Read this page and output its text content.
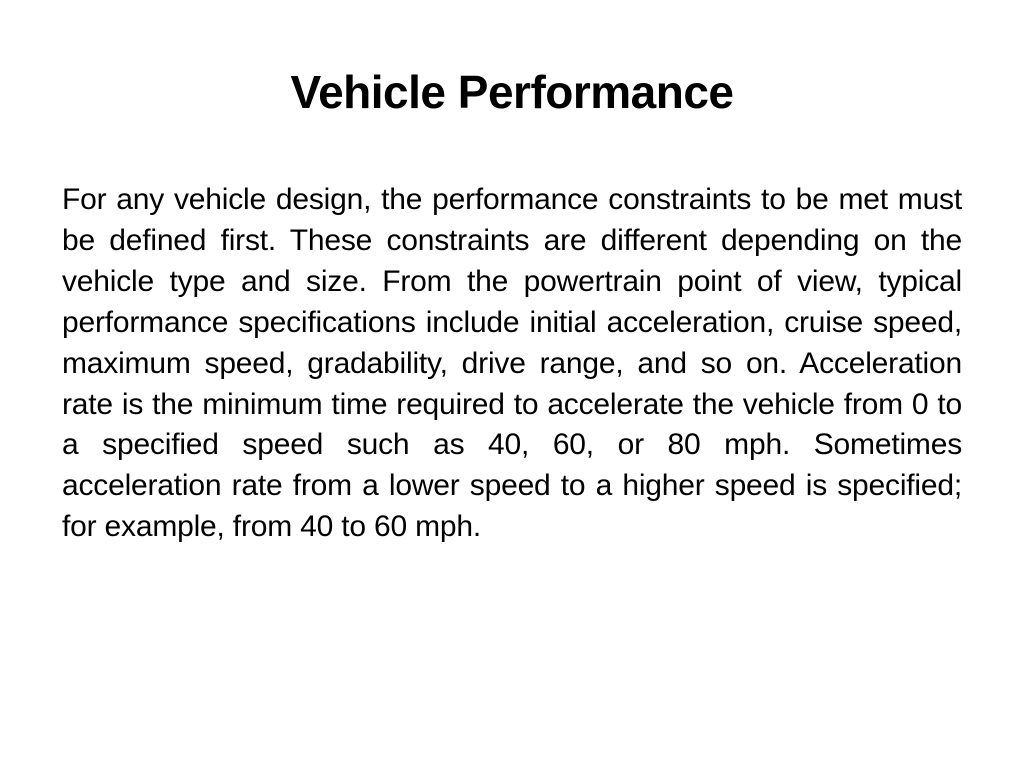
Vehicle Performance

For any vehicle design, the performance constraints to be met must be defined first. These constraints are different depending on the vehicle type and size. From the powertrain point of view, typical performance specifications include initial acceleration, cruise speed, maximum speed, gradability, drive range, and so on. Acceleration rate is the minimum time required to accelerate the vehicle from 0 to a specified speed such as 40, 60, or 80 mph. Sometimes acceleration rate from a lower speed to a higher speed is specified; for example, from 40 to 60 mph.
